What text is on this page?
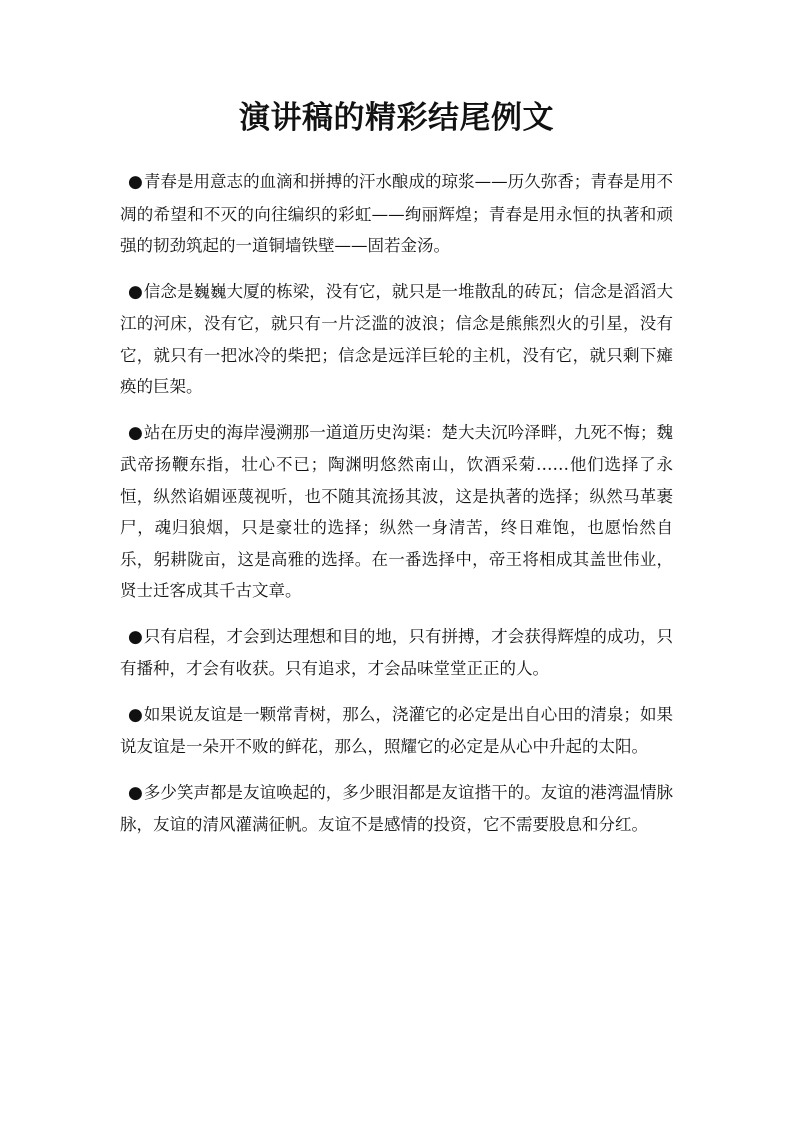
演讲稿的精彩结尾例文

●青春是用意志的血滴和拼搏的汗水酿成的琼浆——历久弥香；青春是用不凋的希望和不灭的向往编织的彩虹——绚丽辉煌；青春是用永恒的执著和顽强的韧劲筑起的一道铜墙铁壁——固若金汤。

●信念是巍巍大厦的栋梁，没有它，就只是一堆散乱的砖瓦；信念是滔滔大江的河床，没有它，就只有一片泛滥的波浪；信念是熊熊烈火的引星，没有它，就只有一把冰冷的柴把；信念是远洋巨轮的主机，没有它，就只剩下瘫痪的巨架。

●站在历史的海岸漫溯那一道道历史沟渠：楚大夫沉吟泽畔，九死不悔；魏武帝扬鞭东指，壮心不已；陶渊明悠然南山，饮酒采菊……他们选择了永恒，纵然谄媚诬蔑视听，也不随其流扬其波，这是执著的选择；纵然马革裹尸，魂归狼烟，只是豪壮的选择；纵然一身清苦，终日难饱，也愿怡然自乐，躬耕陇亩，这是高雅的选择。在一番选择中，帝王将相成其盖世伟业，贤士迁客成其千古文章。

●只有启程，才会到达理想和目的地，只有拼搏，才会获得辉煌的成功，只有播种，才会有收获。只有追求，才会品味堂堂正正的人。

●如果说友谊是一颗常青树，那么，浇灌它的必定是出自心田的清泉；如果说友谊是一朵开不败的鲜花，那么，照耀它的必定是从心中升起的太阳。

●多少笑声都是友谊唤起的，多少眼泪都是友谊揩干的。友谊的港湾温情脉脉，友谊的清风灌满征帆。友谊不是感情的投资，它不需要股息和分红。
